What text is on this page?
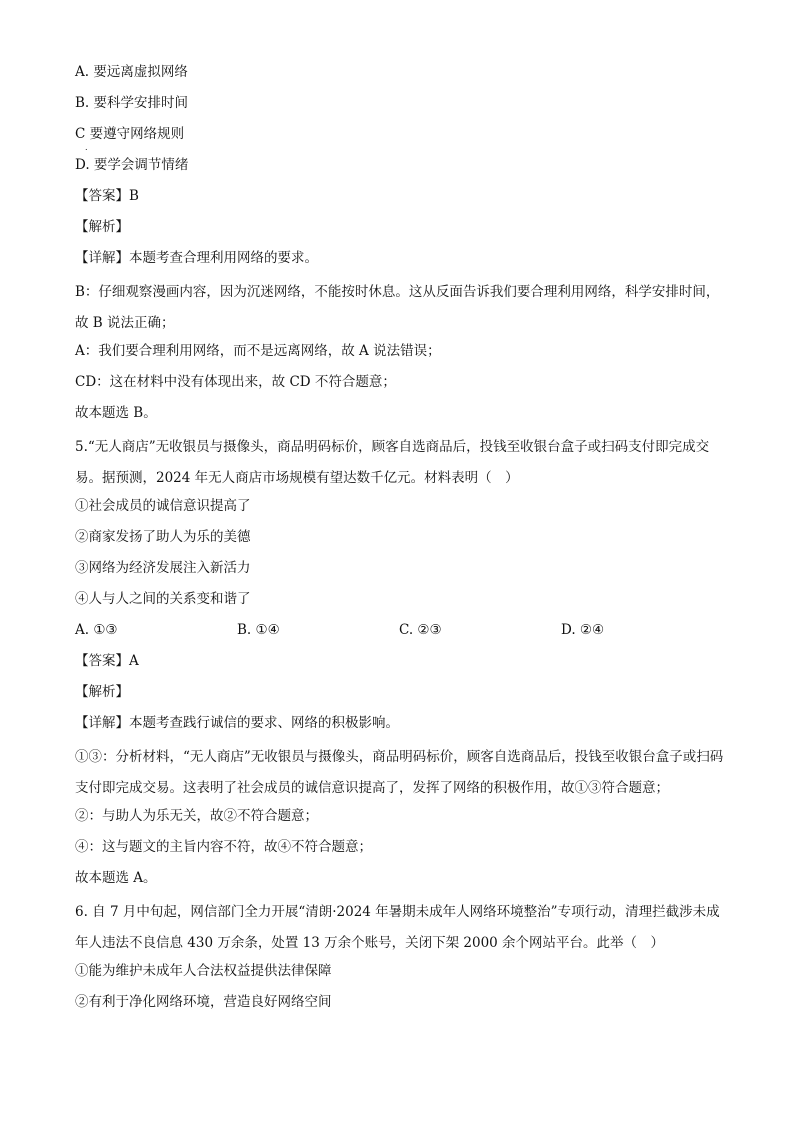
A. 要远离虚拟网络
B. 要科学安排时间
C 要遵守网络规则
.
D. 要学会调节情绪
【答案】B
【解析】
【详解】本题考查合理利用网络的要求。
B：仔细观察漫画内容，因为沉迷网络，不能按时休息。这从反面告诉我们要合理利用网络，科学安排时间，故 B 说法正确；
A：我们要合理利用网络，而不是远离网络，故 A 说法错误；
CD：这在材料中没有体现出来，故 CD 不符合题意；
故本题选 B。
5.“无人商店”无收银员与摄像头，商品明码标价，顾客自选商品后，投钱至收银台盒子或扫码支付即完成交易。据预测，2024 年无人商店市场规模有望达数千亿元。材料表明（　）
①社会成员的诚信意识提高了
②商家发扬了助人为乐的美德
③网络为经济发展注入新活力
④人与人之间的关系变和谐了
A. ①③	B. ①④	C. ②③	D. ②④
【答案】A
【解析】
【详解】本题考查践行诚信的要求、网络的积极影响。
①③：分析材料，“无人商店”无收银员与摄像头，商品明码标价，顾客自选商品后，投钱至收银台盒子或扫码支付即完成交易。这表明了社会成员的诚信意识提高了，发挥了网络的积极作用，故①③符合题意；
②：与助人为乐无关，故②不符合题意；
④：这与题文的主旨内容不符，故④不符合题意；
故本题选 A。
6. 自 7 月中旬起，网信部门全力开展“清朗·2024 年暑期未成年人网络环境整治”专项行动，清理拦截涉未成年人违法不良信息 430 万余条，处置 13 万余个账号，关闭下架 2000 余个网站平台。此举（　）
①能为维护未成年人合法权益提供法律保障
②有利于净化网络环境，营造良好网络空间
